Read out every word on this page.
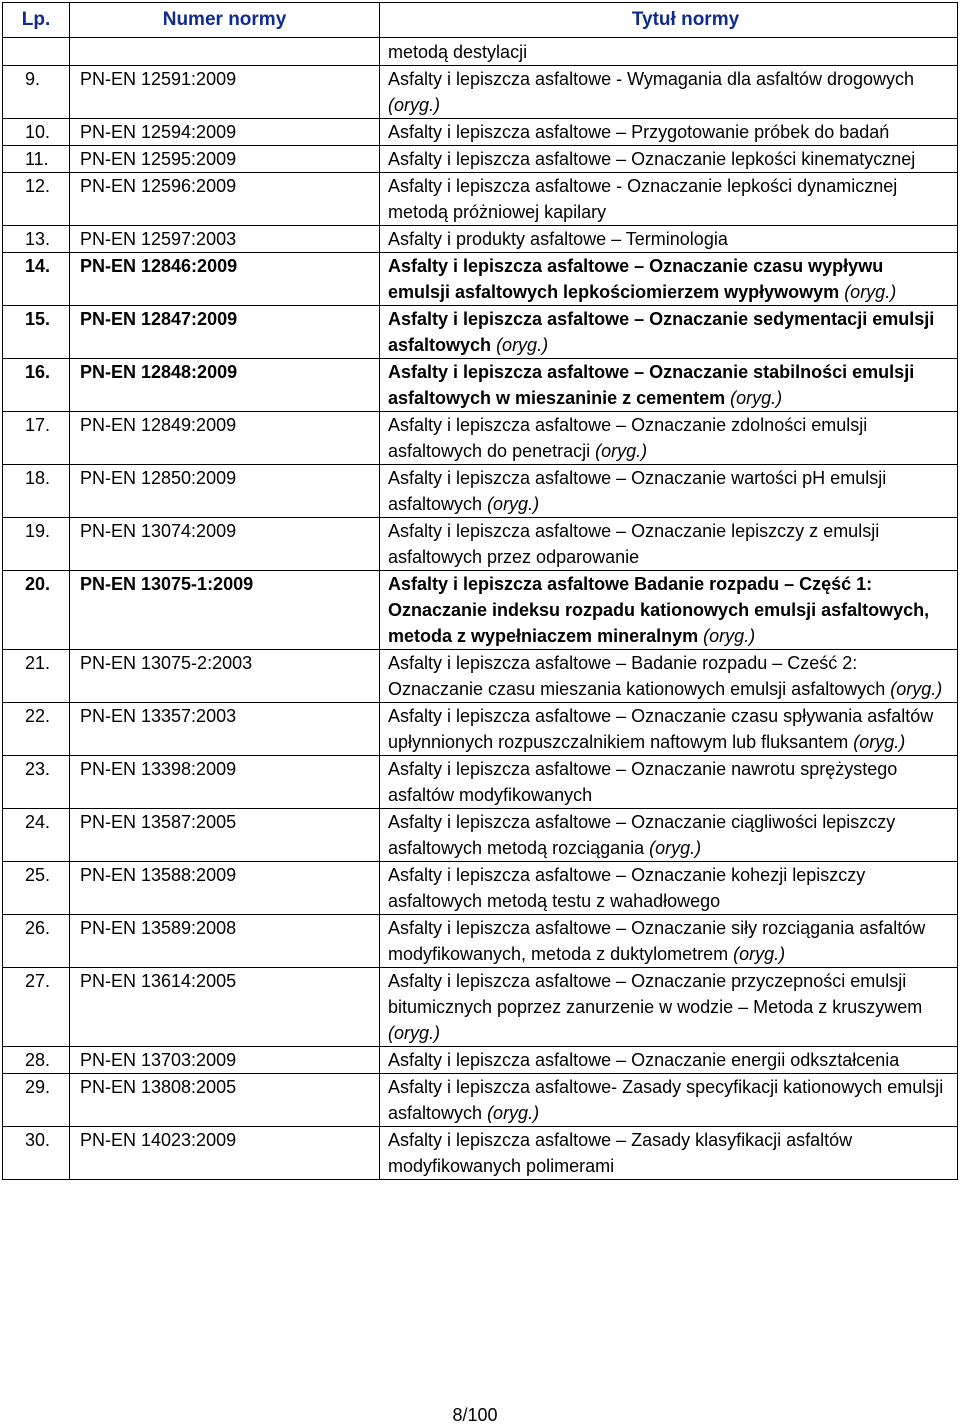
Lp.	Numer normy	Tytuł normy
		metodą destylacji
9.	PN-EN 12591:2009	Asfalty i lepiszcza asfaltowe - Wymagania dla asfaltów drogowych (oryg.)
10.	PN-EN 12594:2009	Asfalty i lepiszcza asfaltowe – Przygotowanie próbek do badań
11.	PN-EN 12595:2009	Asfalty i lepiszcza asfaltowe – Oznaczanie lepkości kinematycznej
12.	PN-EN 12596:2009	Asfalty i lepiszcza asfaltowe - Oznaczanie lepkości dynamicznej metodą próżniowej kapilary
13.	PN-EN 12597:2003	Asfalty i produkty asfaltowe – Terminologia
14.	PN-EN 12846:2009	Asfalty i lepiszcza asfaltowe – Oznaczanie czasu wypływu emulsji asfaltowych lepkościomierzem wypływowym (oryg.)
15.	PN-EN 12847:2009	Asfalty i lepiszcza asfaltowe – Oznaczanie sedymentacji emulsji asfaltowych (oryg.)
16.	PN-EN 12848:2009	Asfalty i lepiszcza asfaltowe – Oznaczanie stabilności emulsji asfaltowych w mieszaninie z cementem (oryg.)
17.	PN-EN 12849:2009	Asfalty i lepiszcza asfaltowe – Oznaczanie zdolności emulsji asfaltowych do penetracji (oryg.)
18.	PN-EN 12850:2009	Asfalty i lepiszcza asfaltowe – Oznaczanie wartości pH emulsji asfaltowych (oryg.)
19.	PN-EN 13074:2009	Asfalty i lepiszcza asfaltowe – Oznaczanie lepiszczy z emulsji asfaltowych przez odparowanie
20.	PN-EN 13075-1:2009	Asfalty i lepiszcza asfaltowe Badanie rozpadu – Część 1: Oznaczanie indeksu rozpadu kationowych emulsji asfaltowych, metoda z wypełniaczem mineralnym (oryg.)
21.	PN-EN 13075-2:2003	Asfalty i lepiszcza asfaltowe – Badanie rozpadu – Cześć 2: Oznaczanie czasu mieszania kationowych emulsji asfaltowych (oryg.)
22.	PN-EN 13357:2003	Asfalty i lepiszcza asfaltowe – Oznaczanie czasu spływania asfaltów upłynnionych rozpuszczalnikiem naftowym lub fluksantem (oryg.)
23.	PN-EN 13398:2009	Asfalty i lepiszcza asfaltowe – Oznaczanie nawrotu sprężystego asfaltów modyfikowanych
24.	PN-EN 13587:2005	Asfalty i lepiszcza asfaltowe – Oznaczanie ciągliwości lepiszczy asfaltowych metodą rozciągania (oryg.)
25.	PN-EN 13588:2009	Asfalty i lepiszcza asfaltowe – Oznaczanie kohezji lepiszczy asfaltowych metodą testu z wahadłowego
26.	PN-EN 13589:2008	Asfalty i lepiszcza asfaltowe – Oznaczanie siły rozciągania asfaltów modyfikowanych, metoda z duktylometrem (oryg.)
27.	PN-EN 13614:2005	Asfalty i lepiszcza asfaltowe – Oznaczanie przyczepności emulsji bitumicznych poprzez zanurzenie w wodzie – Metoda z kruszywem (oryg.)
28.	PN-EN 13703:2009	Asfalty i lepiszcza asfaltowe – Oznaczanie energii odkształcenia
29.	PN-EN 13808:2005	Asfalty i lepiszcza asfaltowe- Zasady specyfikacji kationowych emulsji asfaltowych (oryg.)
30.	PN-EN 14023:2009	Asfalty i lepiszcza asfaltowe – Zasady klasyfikacji asfaltów modyfikowanych polimerami
8/100
